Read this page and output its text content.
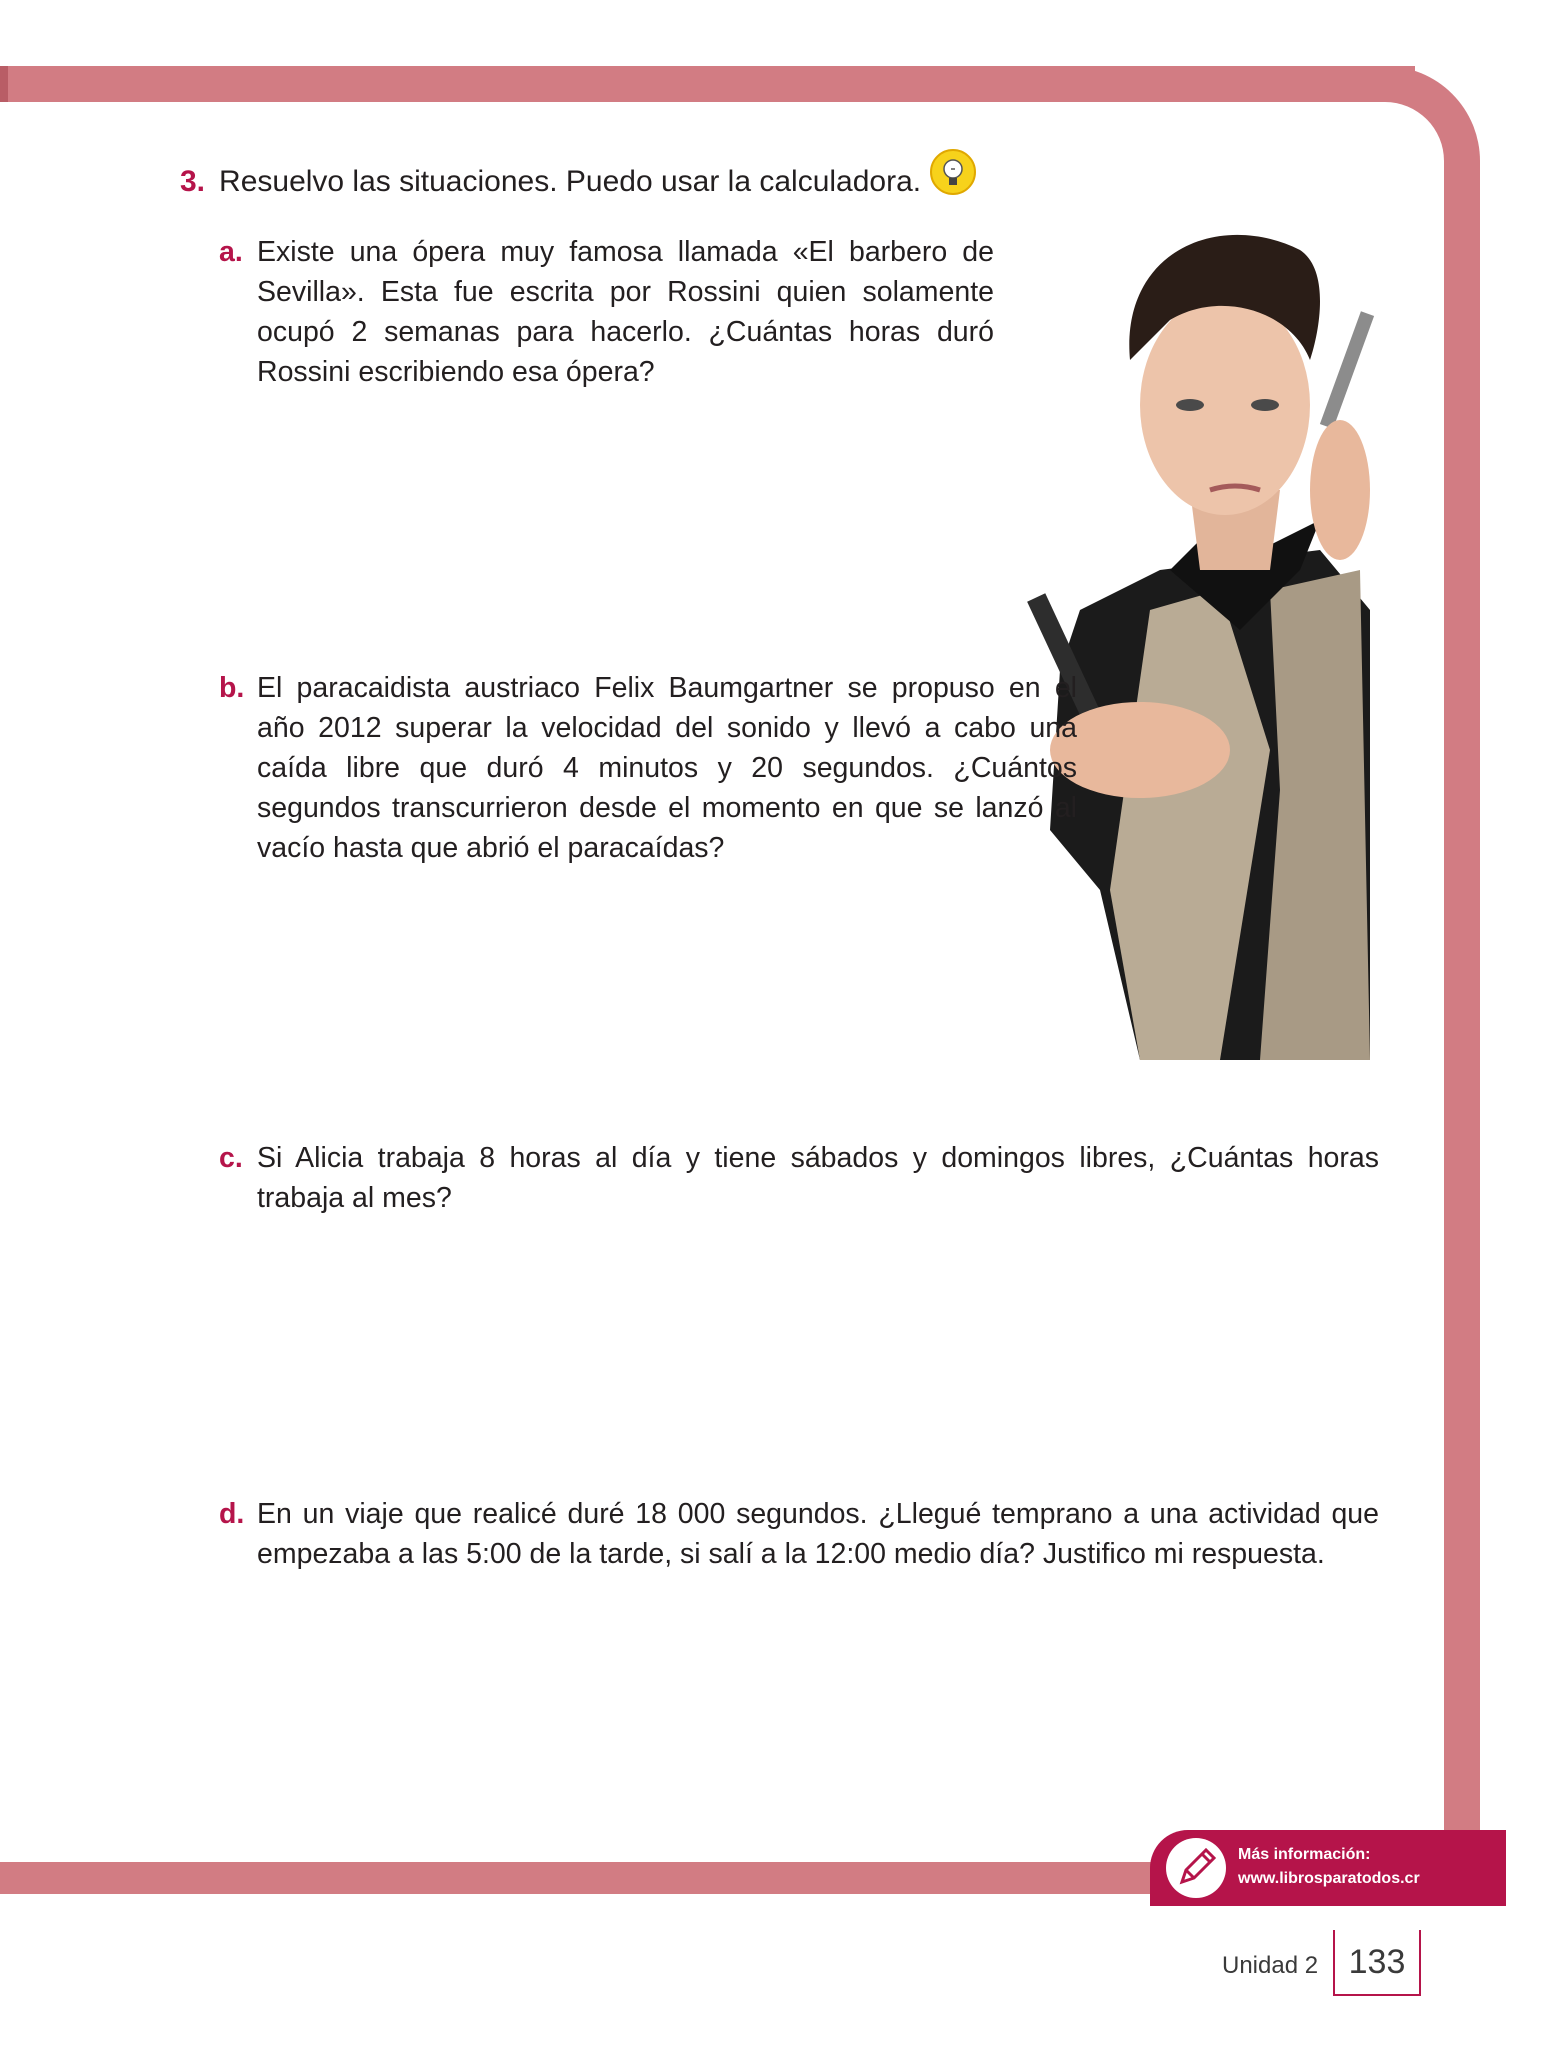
3. Resuelvo las situaciones. Puedo usar la calculadora.
a. Existe una ópera muy famosa llamada «El barbero de Sevilla». Esta fue escrita por Rossini quien solamente ocupó 2 semanas para hacerlo. ¿Cuántas horas duró Rossini escribiendo esa ópera?
b. El paracaidista austriaco Felix Baumgartner se propuso en el año 2012 superar la velocidad del sonido y llevó a cabo una caída libre que duró 4 minutos y 20 segundos. ¿Cuántos segundos transcurrieron desde el momento en que se lanzó al vacío hasta que abrió el paracaídas?
c. Si Alicia trabaja 8 horas al día y tiene sábados y domingos libres, ¿Cuántas horas trabaja al mes?
d. En un viaje que realicé duré 18 000 segundos. ¿Llegué temprano a una actividad que empezaba a las 5:00 de la tarde, si salí a la 12:00 medio día? Justifico mi respuesta.
Más información:
www.librosparatodos.cr
Unidad 2 133
